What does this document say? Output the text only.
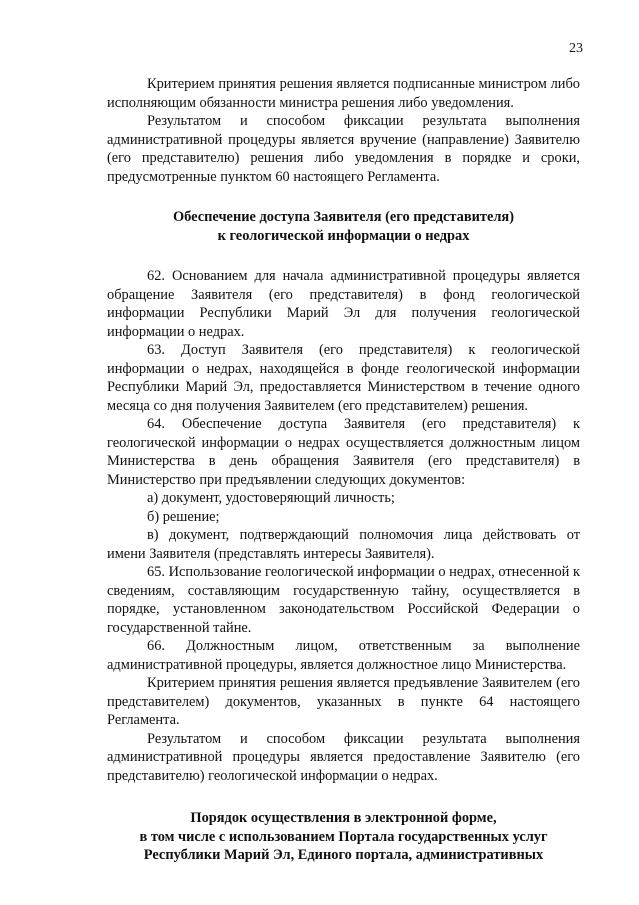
23

Критерием принятия решения является подписанные министром либо исполняющим обязанности министра решения либо уведомления.

Результатом и способом фиксации результата выполнения административной процедуры является вручение (направление) Заявителю (его представителю) решения либо уведомления в порядке и сроки, предусмотренные пунктом 60 настоящего Регламента.

Обеспечение доступа Заявителя (его представителя)
к геологической информации о недрах

62. Основанием для начала административной процедуры является обращение Заявителя (его представителя) в фонд геологической информации Республики Марий Эл для получения геологической информации о недрах.

63. Доступ Заявителя (его представителя) к геологической информации о недрах, находящейся в фонде геологической информации Республики Марий Эл, предоставляется Министерством в течение одного месяца со дня получения Заявителем (его представителем) решения.

64. Обеспечение доступа Заявителя (его представителя) к геологической информации о недрах осуществляется должностным лицом Министерства в день обращения Заявителя (его представителя) в Министерство при предъявлении следующих документов:

а) документ, удостоверяющий личность;

б) решение;

в) документ, подтверждающий полномочия лица действовать от имени Заявителя (представлять интересы Заявителя).

65. Использование геологической информации о недрах, отнесенной к сведениям, составляющим государственную тайну, осуществляется в порядке, установленном законодательством Российской Федерации о государственной тайне.

66. Должностным лицом, ответственным за выполнение административной процедуры, является должностное лицо Министерства.

Критерием принятия решения является предъявление Заявителем (его представителем) документов, указанных в пункте 64 настоящего Регламента.

Результатом и способом фиксации результата выполнения административной процедуры является предоставление Заявителю (его представителю) геологической информации о недрах.

Порядок осуществления в электронной форме,
в том числе с использованием Портала государственных услуг
Республики Марий Эл, Единого портала, административных
